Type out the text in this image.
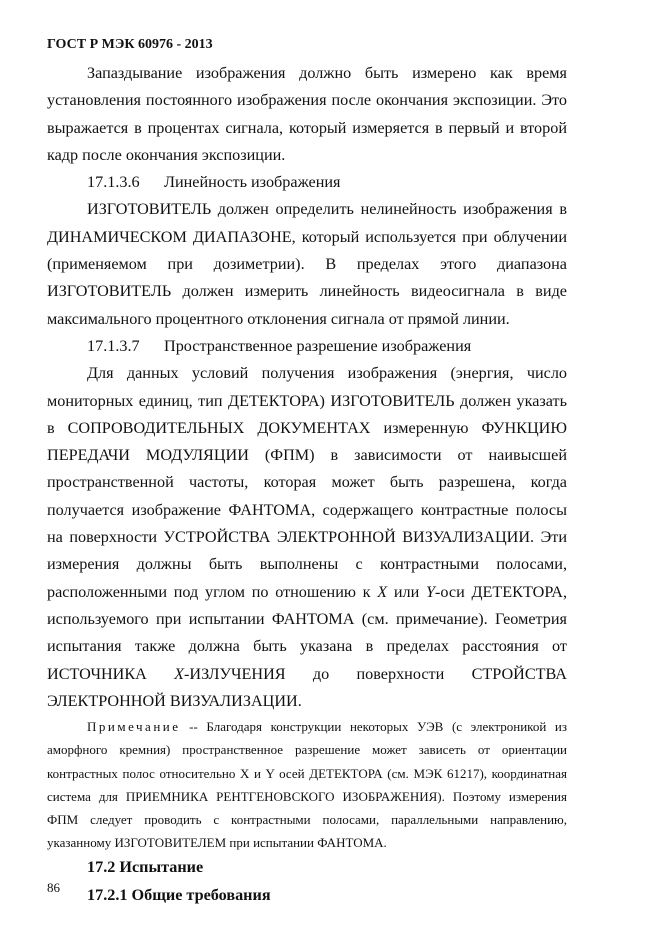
ГОСТ Р МЭК 60976 - 2013

Запаздывание изображения должно быть измерено как время установления постоянного изображения после окончания экспозиции. Это выражается в процентах сигнала, который измеряется в первый и второй кадр после окончания экспозиции.

17.1.3.6 Линейность изображения

ИЗГОТОВИТЕЛЬ должен определить нелинейность изображения в ДИНАМИЧЕСКОМ ДИАПАЗОНЕ, который используется при облучении (применяемом при дозиметрии). В пределах этого диапазона ИЗГОТОВИТЕЛЬ должен измерить линейность видеосигнала в виде максимального процентного отклонения сигнала от прямой линии.

17.1.3.7 Пространственное разрешение изображения

Для данных условий получения изображения (энергия, число мониторных единиц, тип ДЕТЕКТОРА) ИЗГОТОВИТЕЛЬ должен указать в СОПРОВОДИТЕЛЬНЫХ ДОКУМЕНТАХ измеренную ФУНКЦИЮ ПЕРЕДАЧИ МОДУЛЯЦИИ (ФПМ) в зависимости от наивысшей пространственной частоты, которая может быть разрешена, когда получается изображение ФАНТОМА, содержащего контрастные полосы на поверхности УСТРОЙСТВА ЭЛЕКТРОННОЙ ВИЗУАЛИЗАЦИИ. Эти измерения должны быть выполнены с контрастными полосами, расположенными под углом по отношению к X или Y-оси ДЕТЕКТОРА, используемого при испытании ФАНТОМА (см. примечание). Геометрия испытания также должна быть указана в пределах расстояния от ИСТОЧНИКА X-ИЗЛУЧЕНИЯ до поверхности СТРОЙСТВА ЭЛЕКТРОННОЙ ВИЗУАЛИЗАЦИИ.

Примечание -- Благодаря конструкции некоторых УЭВ (с электроникой из аморфного кремния) пространственное разрешение может зависеть от ориентации контрастных полос относительно X и Y осей ДЕТЕКТОРА (см. МЭК 61217), координатная система для ПРИЕМНИКА РЕНТГЕНОВСКОГО ИЗОБРАЖЕНИЯ). Поэтому измерения ФПМ следует проводить с контрастными полосами, параллельными направлению, указанному ИЗГОТОВИТЕЛЕМ при испытании ФАНТОМА.

17.2 Испытание

17.2.1 Общие требования

86
